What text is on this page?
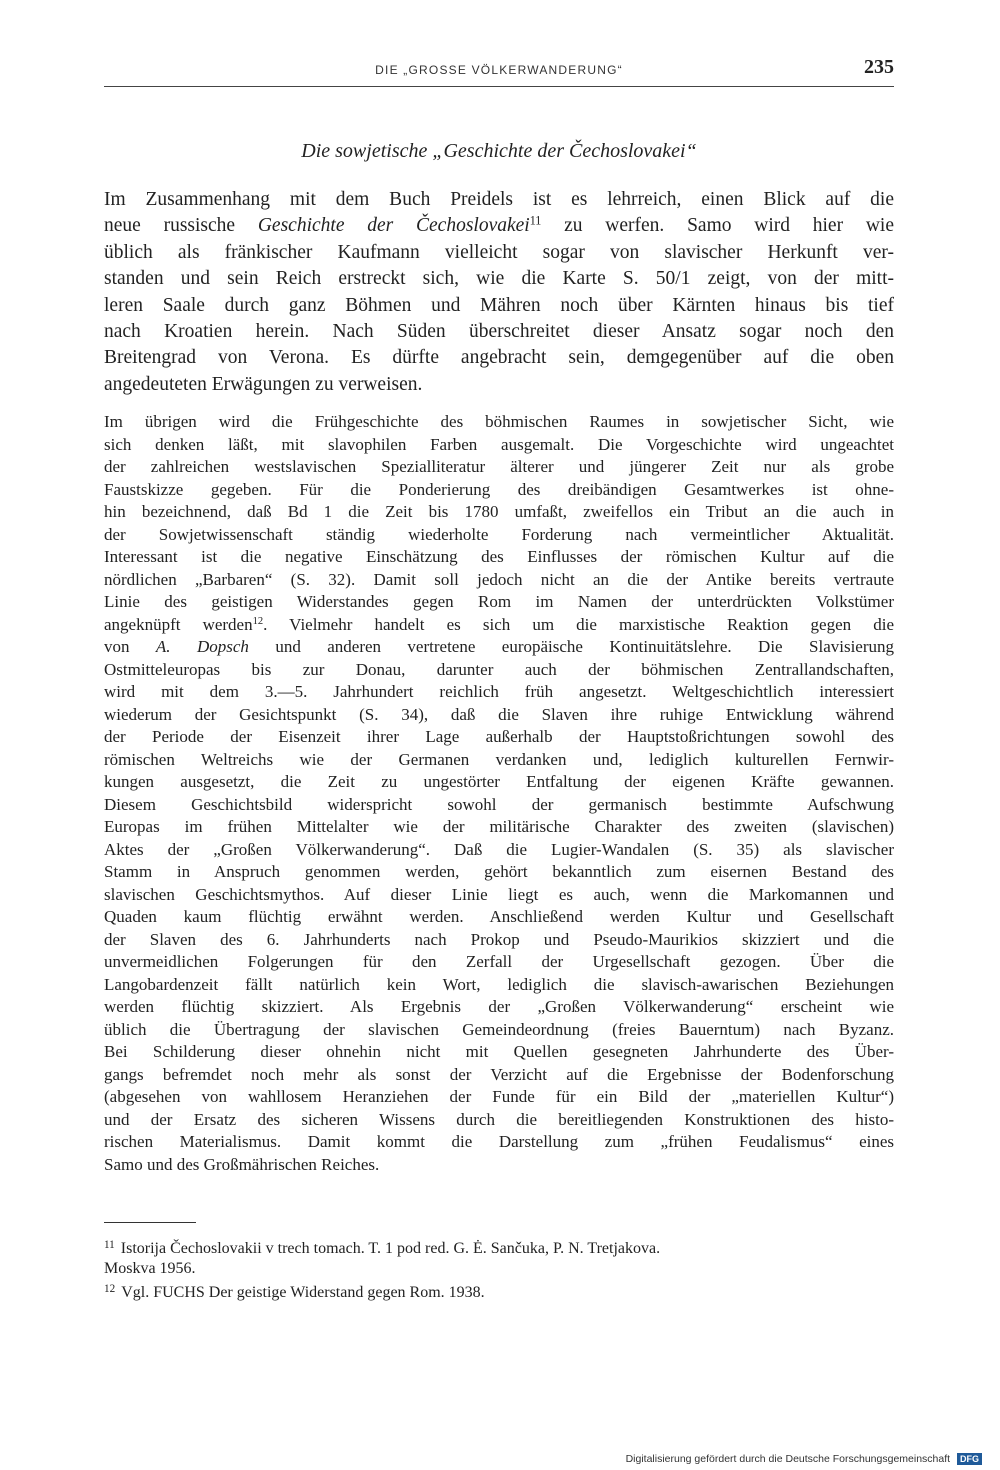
DIE „GROSSE VÖLKERWANDERUNG“	235
Die sowjetische „Geschichte der Čechoslovakei“
Im Zusammenhang mit dem Buch Preidels ist es lehrreich, einen Blick auf die
neue russische Geschichte der Čechoslovakei$^{11}$ zu werfen. Samo wird hier wie
üblich als fränkischer Kaufmann vielleicht sogar von slavischer Herkunft ver-
standen und sein Reich erstreckt sich, wie die Karte S. 50/1 zeigt, von der mitt-
leren Saale durch ganz Böhmen und Mähren noch über Kärnten hinaus bis tief
nach Kroatien herein. Nach Süden überschreitet dieser Ansatz sogar noch den
Breitengrad von Verona. Es dürfte angebracht sein, demgegenüber auf die oben
angedeuteten Erwägungen zu verweisen.
Im übrigen wird die Frühgeschichte des böhmischen Raumes in sowjetischer Sicht, wie
sich denken läßt, mit slavophilen Farben ausgemalt. Die Vorgeschichte wird ungeachtet
der zahlreichen westslavischen Spezialliteratur älterer und jüngerer Zeit nur als grobe
Faustskizze gegeben. Für die Ponderierung des dreibändigen Gesamtwerkes ist ohne-
hin bezeichnend, daß Bd 1 die Zeit bis 1780 umfaßt, zweifellos ein Tribut an die auch in
der Sowjetwissenschaft ständig wiederholte Forderung nach vermeintlicher Aktualität.
Interessant ist die negative Einschätzung des Einflusses der römischen Kultur auf die
nördlichen „Barbaren“ (S. 32). Damit soll jedoch nicht an die der Antike bereits vertraute
Linie des geistigen Widerstandes gegen Rom im Namen der unterdrückten Volkstümer
angeknüpft werden$^{12}$. Vielmehr handelt es sich um die marxistische Reaktion gegen die
von A. Dopsch und anderen vertretene europäische Kontinuitätslehre. Die Slavisierung
Ostmitteleuropas bis zur Donau, darunter auch der böhmischen Zentrallandschaften,
wird mit dem 3.—5. Jahrhundert reichlich früh angesetzt. Weltgeschichtlich interessiert
wiederum der Gesichtspunkt (S. 34), daß die Slaven ihre ruhige Entwicklung während
der Periode der Eisenzeit ihrer Lage außerhalb der Hauptstoßrichtungen sowohl des
römischen Weltreichs wie der Germanen verdanken und, lediglich kulturellen Fernwir-
kungen ausgesetzt, die Zeit zu ungestörter Entfaltung der eigenen Kräfte gewannen.
Diesem Geschichtsbild widerspricht sowohl der germanisch bestimmte Aufschwung
Europas im frühen Mittelalter wie der militärische Charakter des zweiten (slavischen)
Aktes der „Großen Völkerwanderung“. Daß die Lugier-Wandalen (S. 35) als slavischer
Stamm in Anspruch genommen werden, gehört bekanntlich zum eisernen Bestand des
slavischen Geschichtsmythos. Auf dieser Linie liegt es auch, wenn die Markomannen und
Quaden kaum flüchtig erwähnt werden. Anschließend werden Kultur und Gesellschaft
der Slaven des 6. Jahrhunderts nach Prokop und Pseudo-Maurikios skizziert und die
unvermeidlichen Folgerungen für den Zerfall der Urgesellschaft gezogen. Über die
Langobardenzeit fällt natürlich kein Wort, lediglich die slavisch-awarischen Beziehungen
werden flüchtig skizziert. Als Ergebnis der „Großen Völkerwanderung“ erscheint wie
üblich die Übertragung der slavischen Gemeindeordnung (freies Bauerntum) nach Byzanz.
Bei Schilderung dieser ohnehin nicht mit Quellen gesegneten Jahrhunderte des Über-
gangs befremdet noch mehr als sonst der Verzicht auf die Ergebnisse der Bodenforschung
(abgesehen von wahllosem Heranziehen der Funde für ein Bild der „materiellen Kultur“)
und der Ersatz des sicheren Wissens durch die bereitliegenden Konstruktionen des histo-
rischen Materialismus. Damit kommt die Darstellung zum „frühen Feudalismus“ eines
Samo und des Großmährischen Reiches.
$^{11}$ Istorija Čechoslovakii v trech tomach. T. 1 pod red. G. Ė. Sančuka, P. N. Tretjakova.
Moskva 1956.
$^{12}$ Vgl. FUCHS Der geistige Widerstand gegen Rom. 1938.
Digitalisierung gefördert durch die Deutsche Forschungsgemeinschaft DFG
